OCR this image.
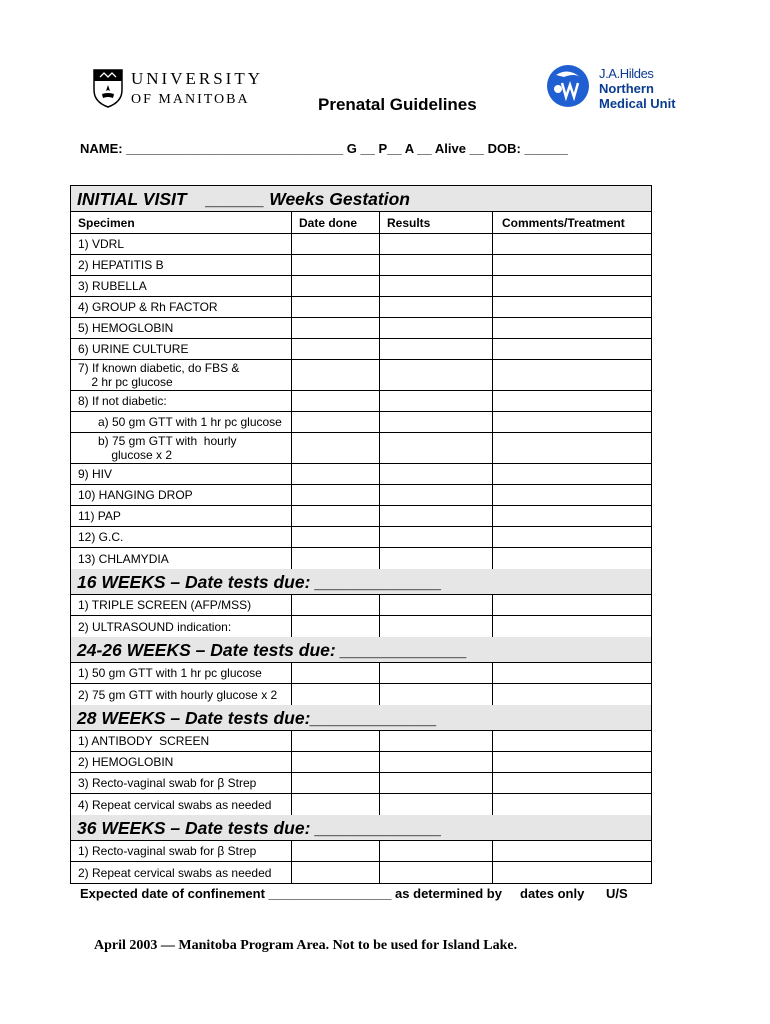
UNIVERSITY
OF MANITOBA	Prenatal Guidelines
J.A.Hildes
Northern
Medical Unit
NAME: ______________________________ G __ P__ A __ Alive __ DOB: ______
INITIAL VISIT    ______ Weeks Gestation
Specimen	Date done	Results	Comments/Treatment
1) VDRL
2) HEPATITIS B
3) RUBELLA
4) GROUP & Rh FACTOR
5) HEMOGLOBIN
6) URINE CULTURE
7) If known diabetic, do FBS &
2 hr pc glucose
8) If not diabetic:
a) 50 gm GTT with 1 hr pc glucose
b) 75 gm GTT with  hourly
glucose x 2
9) HIV
10) HANGING DROP
11) PAP
12) G.C.
13) CHLAMYDIA
16 WEEKS – Date tests due: _____________
1) TRIPLE SCREEN (AFP/MSS)
2) ULTRASOUND indication:
24-26 WEEKS – Date tests due: _____________
1) 50 gm GTT with 1 hr pc glucose
2) 75 gm GTT with hourly glucose x 2
28 WEEKS – Date tests due:_____________
1) ANTIBODY  SCREEN
2) HEMOGLOBIN
3) Recto-vaginal swab for β Strep
4) Repeat cervical swabs as needed
36 WEEKS – Date tests due: _____________
1) Recto-vaginal swab for β Strep
2) Repeat cervical swabs as needed
Expected date of confinement _________________ as determined by     dates only      U/S
April 2003 — Manitoba Program Area. Not to be used for Island Lake.
